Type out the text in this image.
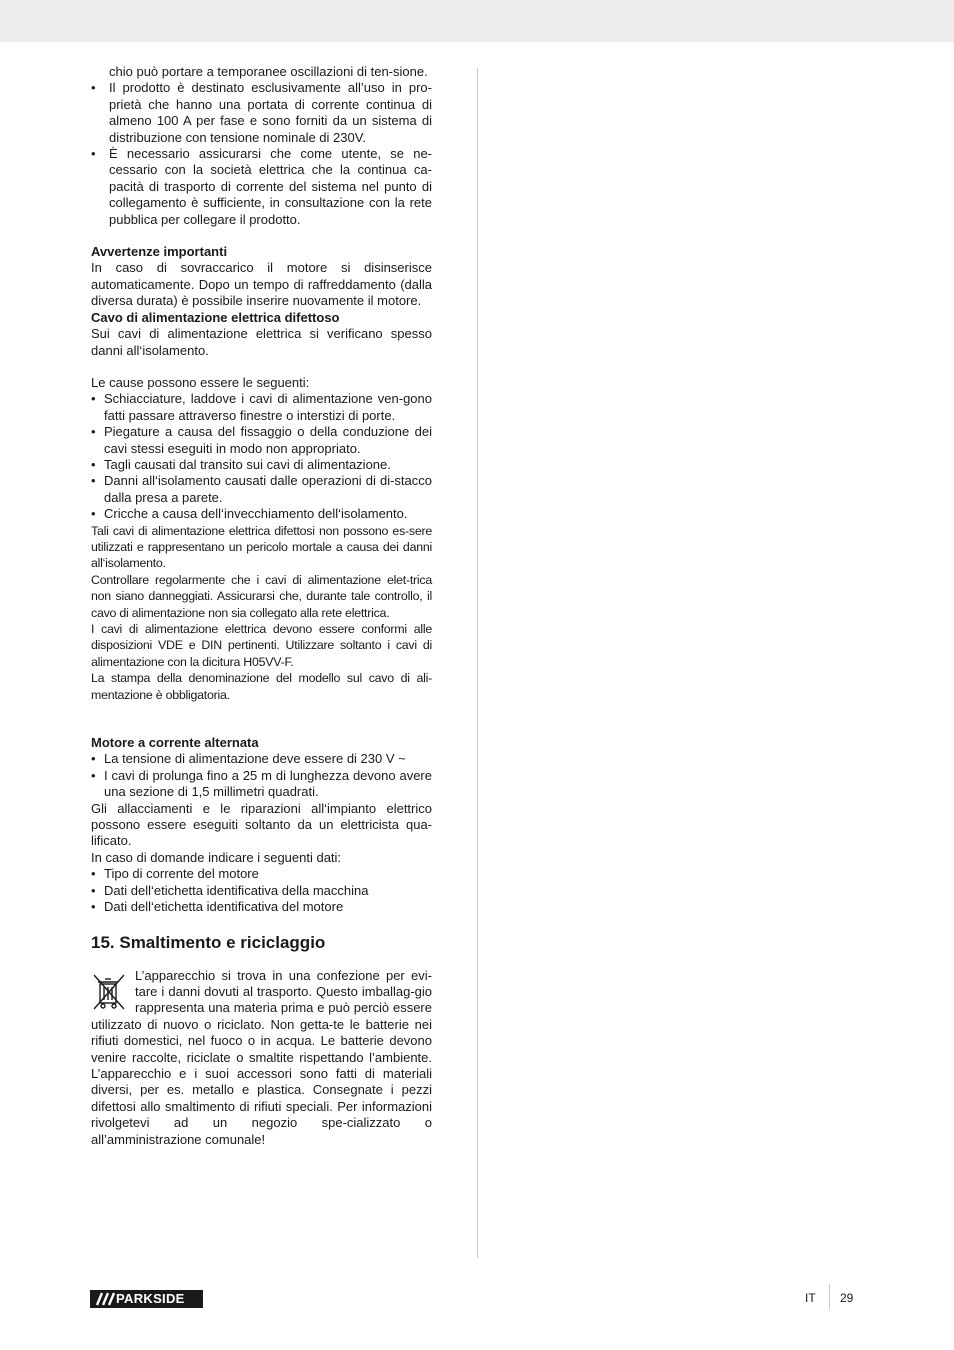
chio può portare a temporanee oscillazioni di ten-sione.

• Il prodotto è destinato esclusivamente all’uso in pro-prietà che hanno una portata di corrente continua di almeno 100 A per fase e sono forniti da un sistema di distribuzione con tensione nominale di 230V.
• È necessario assicurarsi che come utente, se ne-cessario con la società elettrica che la continua ca-pacità di trasporto di corrente del sistema nel punto di collegamento è sufficiente, in consultazione con la rete pubblica per collegare il prodotto.

Avvertenze importanti

In caso di sovraccarico il motore si disinserisce automaticamente. Dopo un tempo di raffreddamento (dalla diversa durata) è possibile inserire nuovamente il motore.

Cavo di alimentazione elettrica difettoso

Sui cavi di alimentazione elettrica si verificano spesso danni all‘isolamento.

Le cause possono essere le seguenti:

• Schiacciature, laddove i cavi di alimentazione ven-gono fatti passare attraverso finestre o interstizi di porte.
• Piegature a causa del fissaggio o della conduzione dei cavi stessi eseguiti in modo non appropriato.
• Tagli causati dal transito sui cavi di alimentazione.
• Danni all‘isolamento causati dalle operazioni di di-stacco dalla presa a parete.
• Cricche a causa dell‘invecchiamento dell‘isolamento.

Tali cavi di alimentazione elettrica difettosi non possono es-sere utilizzati e rappresentano un pericolo mortale a causa dei danni all‘isolamento.

Controllare regolarmente che i cavi di alimentazione elet-trica non siano danneggiati. Assicurarsi che, durante tale controllo, il cavo di alimentazione non sia collegato alla rete elettrica.

I cavi di alimentazione elettrica devono essere conformi alle disposizioni VDE e DIN pertinenti. Utilizzare soltanto i cavi di alimentazione con la dicitura H05VV-F.

La stampa della denominazione del modello sul cavo di ali-mentazione è obbligatoria.

Motore a corrente alternata

• La tensione di alimentazione deve essere di 230 V ~
• I cavi di prolunga fino a 25 m di lunghezza devono avere una sezione di 1,5 millimetri quadrati.

Gli allacciamenti e le riparazioni all‘impianto elettrico possono essere eseguiti soltanto da un elettricista qua-lificato.

In caso di domande indicare i seguenti dati:

• Tipo di corrente del motore
• Dati dell‘etichetta identificativa della macchina
• Dati dell‘etichetta identificativa del motore

15. Smaltimento e riciclaggio

L’apparecchio si trova in una confezione per evi-tare i danni dovuti al trasporto. Questo imballag-gio rappresenta una materia prima e può perciò essere utilizzato di nuovo o riciclato. Non getta-te le batterie nei rifiuti domestici, nel fuoco o in acqua. Le batterie devono venire raccolte, riciclate o smaltite rispettando l’ambiente. L’apparecchio e i suoi accessori sono fatti di materiali diversi, per es. metallo e plastica. Consegnate i pezzi difettosi allo smaltimento di rifiuti speciali. Per informazioni rivolgetevi ad un negozio spe-cializzato o all’amministrazione comunale!

PARKSIDE	IT 29
